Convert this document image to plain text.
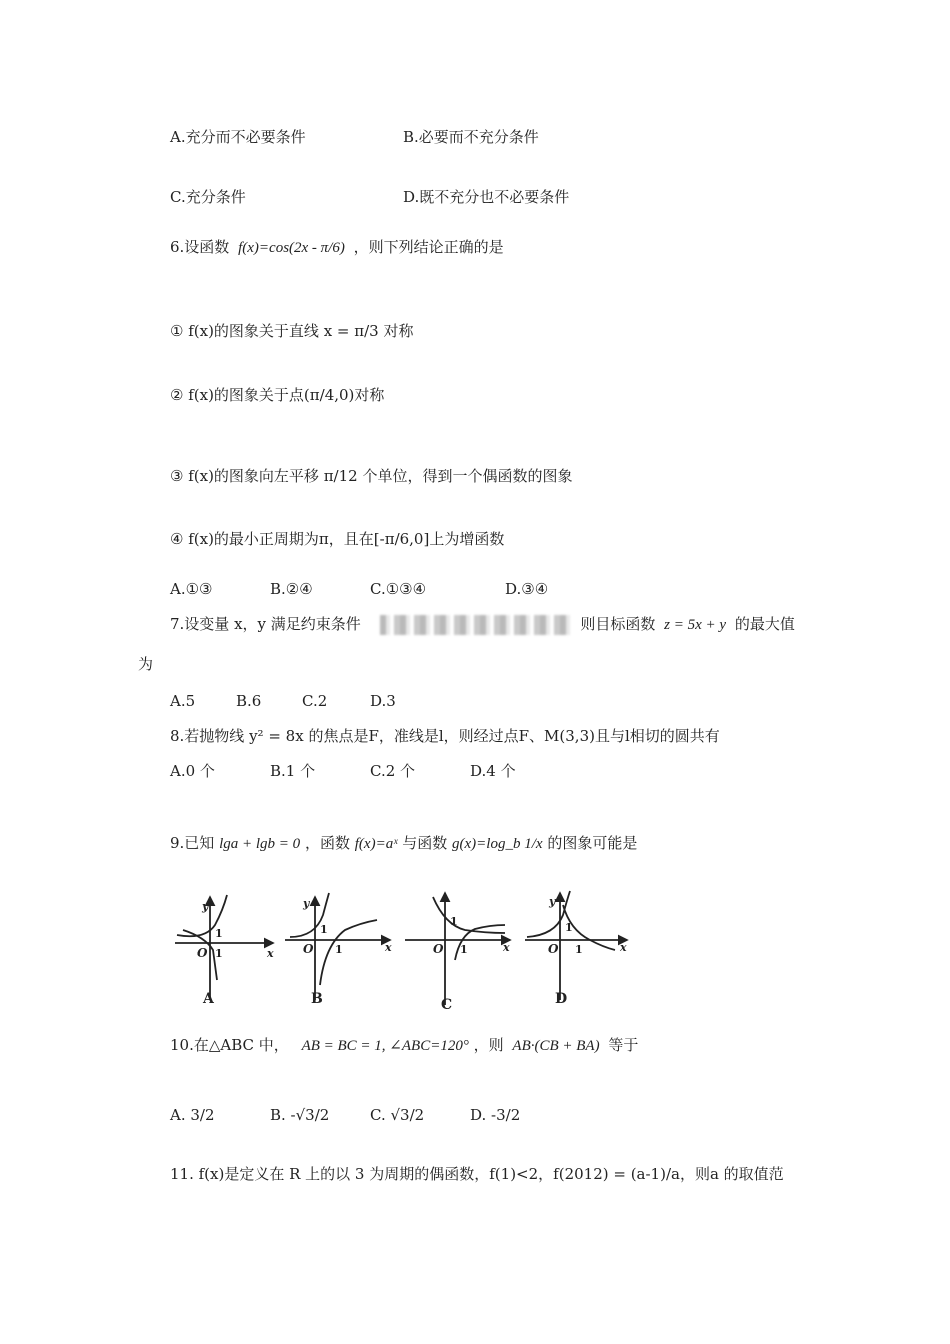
A.充分而不必要条件	B.必要而不充分条件
C.充分条件	D.既不充分也不必要条件
6.设函数 f(x)=cos(2x - π/6) ，则下列结论正确的是
① f(x)的图象关于直线 x = π/3 对称
② f(x)的图象关于点(π/4,0)对称
③ f(x)的图象向左平移 π/12 个单位，得到一个偶函数的图象
④ f(x)的最小正周期为π，且在[-π/6,0]上为增函数
A.①③	B.②④	C.①③④	D.③④
7.设变量 x，y 满足约束条件	则目标函数 z = 5x + y 的最大值
为
A.5	B.6	C.2	D.3
8.若抛物线 y² = 8x 的焦点是F，准线是l，则经过点F、M(3,3)且与l相切的圆共有
A.0 个	B.1 个	C.2 个	D.4 个
9.已知 lga + lgb = 0 ，函数 f(x)=aˣ 与函数 g(x)=log_b 1/x 的图象可能是
y
O 1
1
x
A
y
O 1
1
x
B
O 1
1
x
C
y
O 1
1
x
D
10.在△ABC 中， AB = BC = 1, ∠ABC=120° ，则 AB·(CB + BA) 等于
A. 3/2	B. -√3/2	C. √3/2	D. -3/2
11. f(x)是定义在 R 上的以 3 为周期的偶函数，f(1)<2，f(2012) = (a-1)/a，则a 的取值范
